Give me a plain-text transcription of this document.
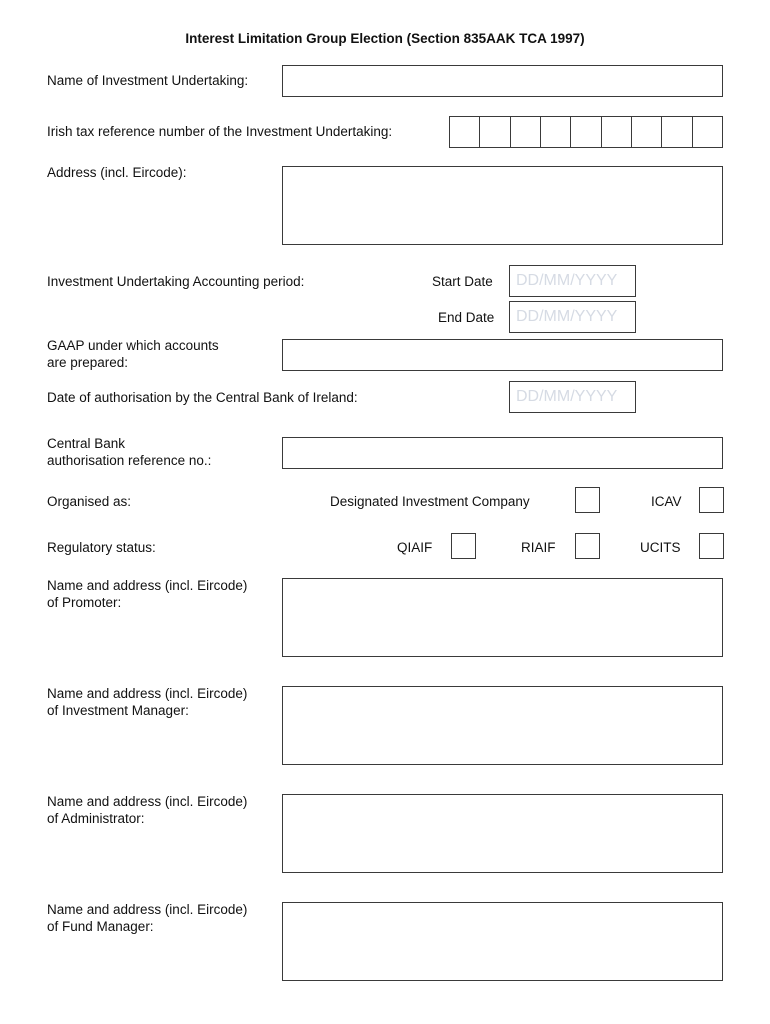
Interest Limitation Group Election (Section 835AAK TCA 1997)
Name of Investment Undertaking:
Irish tax reference number of the Investment Undertaking:
Address (incl. Eircode):
Investment Undertaking Accounting period:	Start Date	DD/MM/YYYY
End Date	DD/MM/YYYY
GAAP under which accounts
are prepared:
Date of authorisation by the Central Bank of Ireland:	DD/MM/YYYY
Central Bank
authorisation reference no.:
Organised as:	Designated Investment Company	ICAV
Regulatory status:	QIAIF	RIAIF	UCITS
Name and address (incl. Eircode)
of Promoter:
Name and address (incl. Eircode)
of Investment Manager:
Name and address (incl. Eircode)
of Administrator:
Name and address (incl. Eircode)
of Fund Manager:
